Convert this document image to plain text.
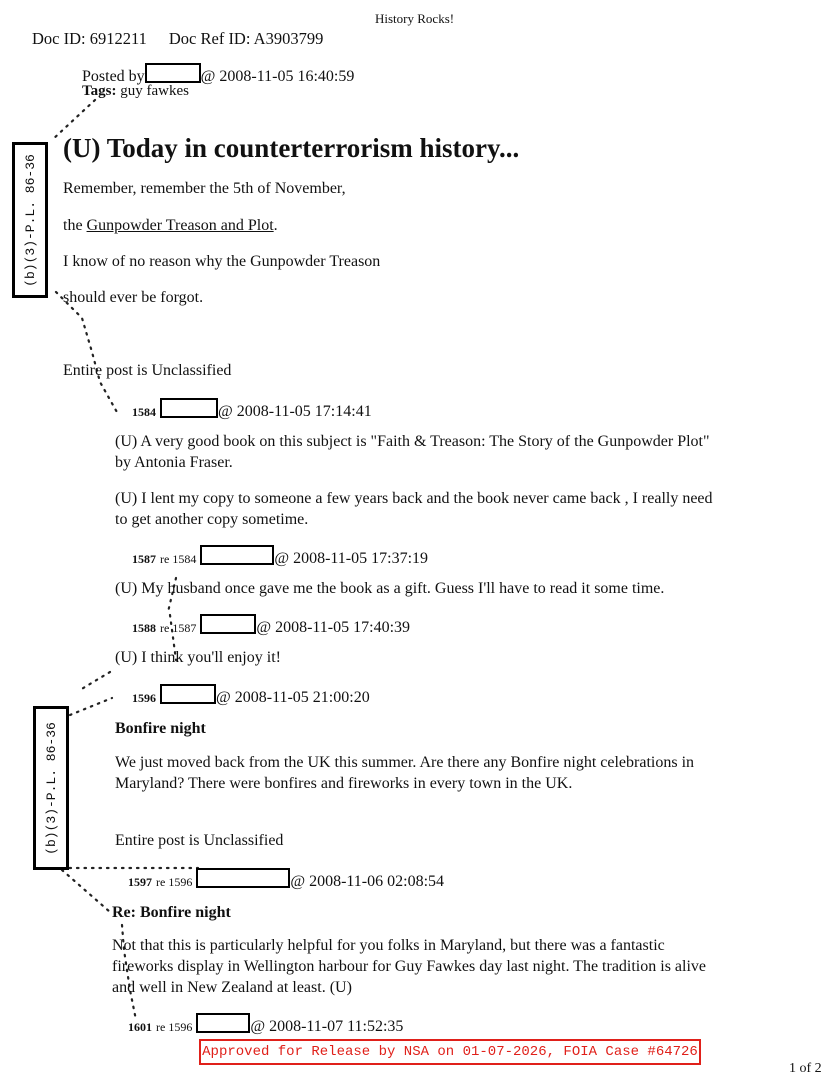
History Rocks!
Doc ID: 6912211 Doc Ref ID: A3903799
Posted by	@ 2008-11-05 16:40:59
Tags: guy fawkes
(b)(3)-P.L. 86-36
(U) Today in counterterrorism history...
Remember, remember the 5th of November,
the Gunpowder Treason and Plot.
I know of no reason why the Gunpowder Treason
should ever be forgot.
Entire post is Unclassified
1584	@ 2008-11-05 17:14:41
(U) A very good book on this subject is "Faith & Treason: The Story of the Gunpowder Plot" by Antonia Fraser.
(U) I lent my copy to someone a few years back and the book never came back , I really need to get another copy sometime.
1587 re 1584	@ 2008-11-05 17:37:19
(U) My husband once gave me the book as a gift. Guess I'll have to read it some time.
1588 re 1587	@ 2008-11-05 17:40:39
(U) I think you'll enjoy it!
1596	@ 2008-11-05 21:00:20
Bonfire night
We just moved back from the UK this summer. Are there any Bonfire night celebrations in Maryland? There were bonfires and fireworks in every town in the UK.
Entire post is Unclassified
(b)(3)-P.L. 86-36
1597 re 1596	@ 2008-11-06 02:08:54
Re: Bonfire night
Not that this is particularly helpful for you folks in Maryland, but there was a fantastic fireworks display in Wellington harbour for Guy Fawkes day last night. The tradition is alive and well in New Zealand at least. (U)
1601 re 1596	@ 2008-11-07 11:52:35
Approved for Release by NSA on 01-07-2026, FOIA Case #64726
1 of 2
